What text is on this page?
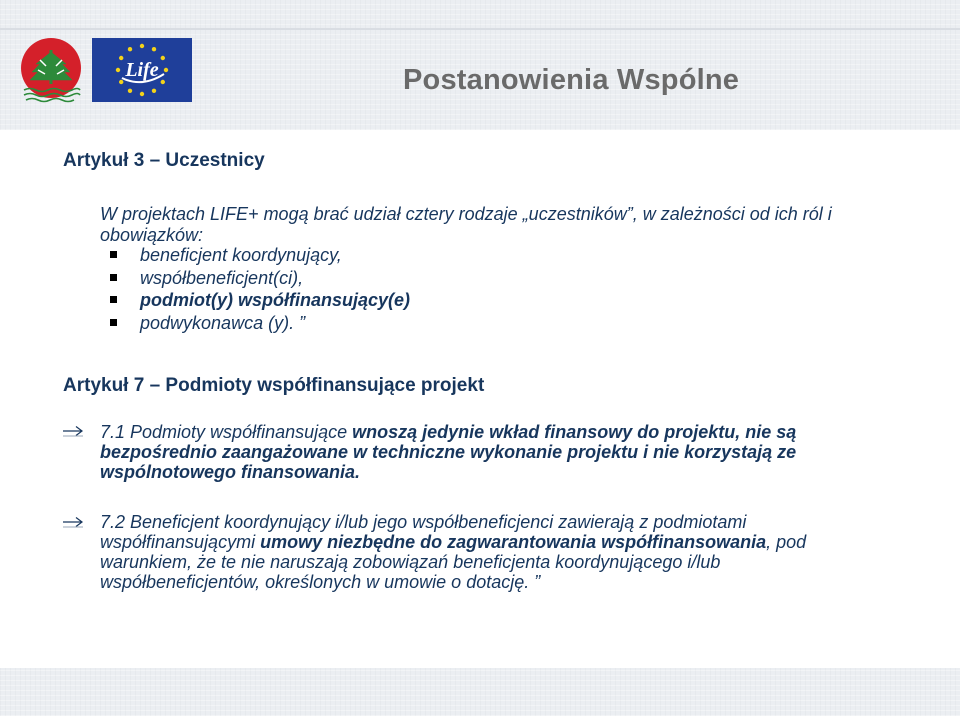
Life	Postanowienia Wspólne
Artykuł 3 – Uczestnicy
W projektach LIFE+ mogą brać udział cztery rodzaje „uczestników”, w zależności od ich ról i obowiązków:
beneficjent koordynujący,
współbeneficjent(ci),
podmiot(y) współfinansujący(e)
podwykonawca (y). ”
Artykuł 7 – Podmioty współfinansujące projekt
7.1 Podmioty współfinansujące wnoszą jedynie wkład finansowy do projektu, nie są bezpośrednio zaangażowane w techniczne wykonanie projektu i nie korzystają ze wspólnotowego finansowania.
7.2 Beneficjent koordynujący i/lub jego współbeneficjenci zawierają z podmiotami współfinansującymi umowy niezbędne do zagwarantowania współfinansowania, pod warunkiem, że te nie naruszają zobowiązań beneficjenta koordynującego i/lub współbeneficjentów, określonych w umowie o dotację. ”
